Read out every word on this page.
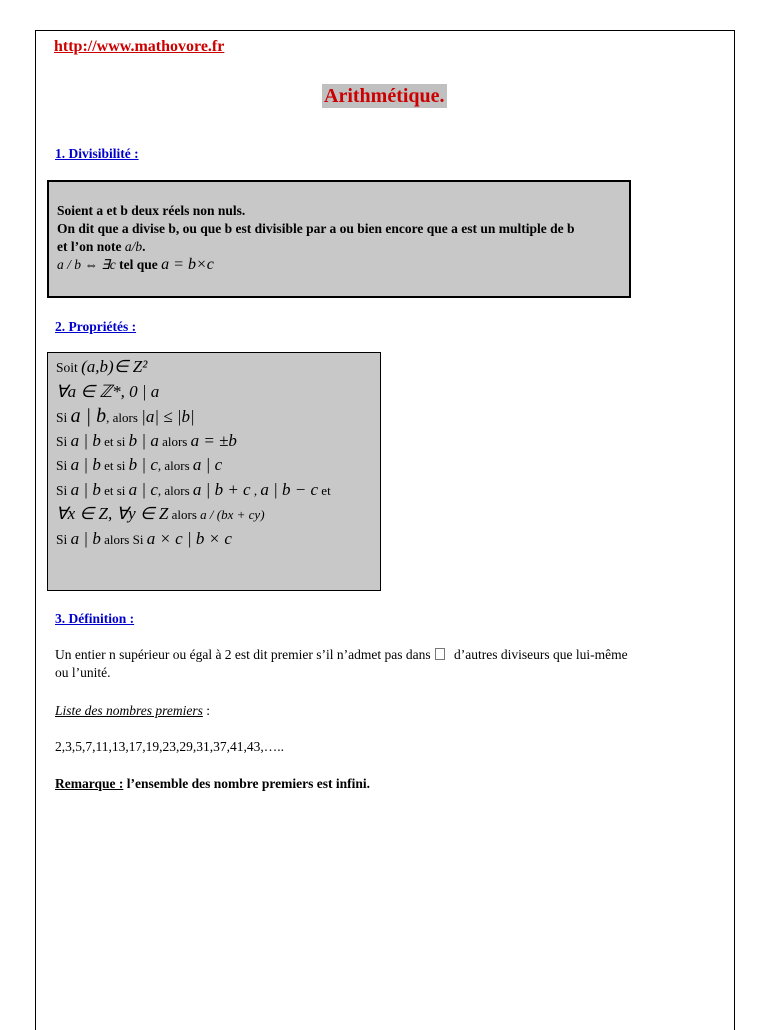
http://www.mathovore.fr
Arithmétique.
1. Divisibilité :
Soient a et b deux réels non nuls.
On dit que a divise b, ou que b est divisible par a ou bien encore que a est un multiple de b
et l’on note a/b.
a / b ⇔ ∃c tel que a = b×c
2. Propriétés :
Soit (a,b)∈ Z²
∀a ∈ ℤ*, 0 | a
Si a | b, alors |a| ≤ |b|
Si a | b et si b | a alors a = ±b
Si a | b et si b | c, alors a | c
Si a | b et si a | c, alors a | b + c , a | b − c et
∀x ∈ Z, ∀y ∈ Z alors a / (bx + cy)
Si a | b alors Si a × c | b × c
3. Définition :
Un entier n supérieur ou égal à 2 est dit premier s’il n’admet pas dans d’autres diviseurs que lui-même
ou l’unité.
Liste des nombres premiers :
2,3,5,7,11,13,17,19,23,29,31,37,41,43,…..
Remarque : l’ensemble des nombre premiers est infini.
